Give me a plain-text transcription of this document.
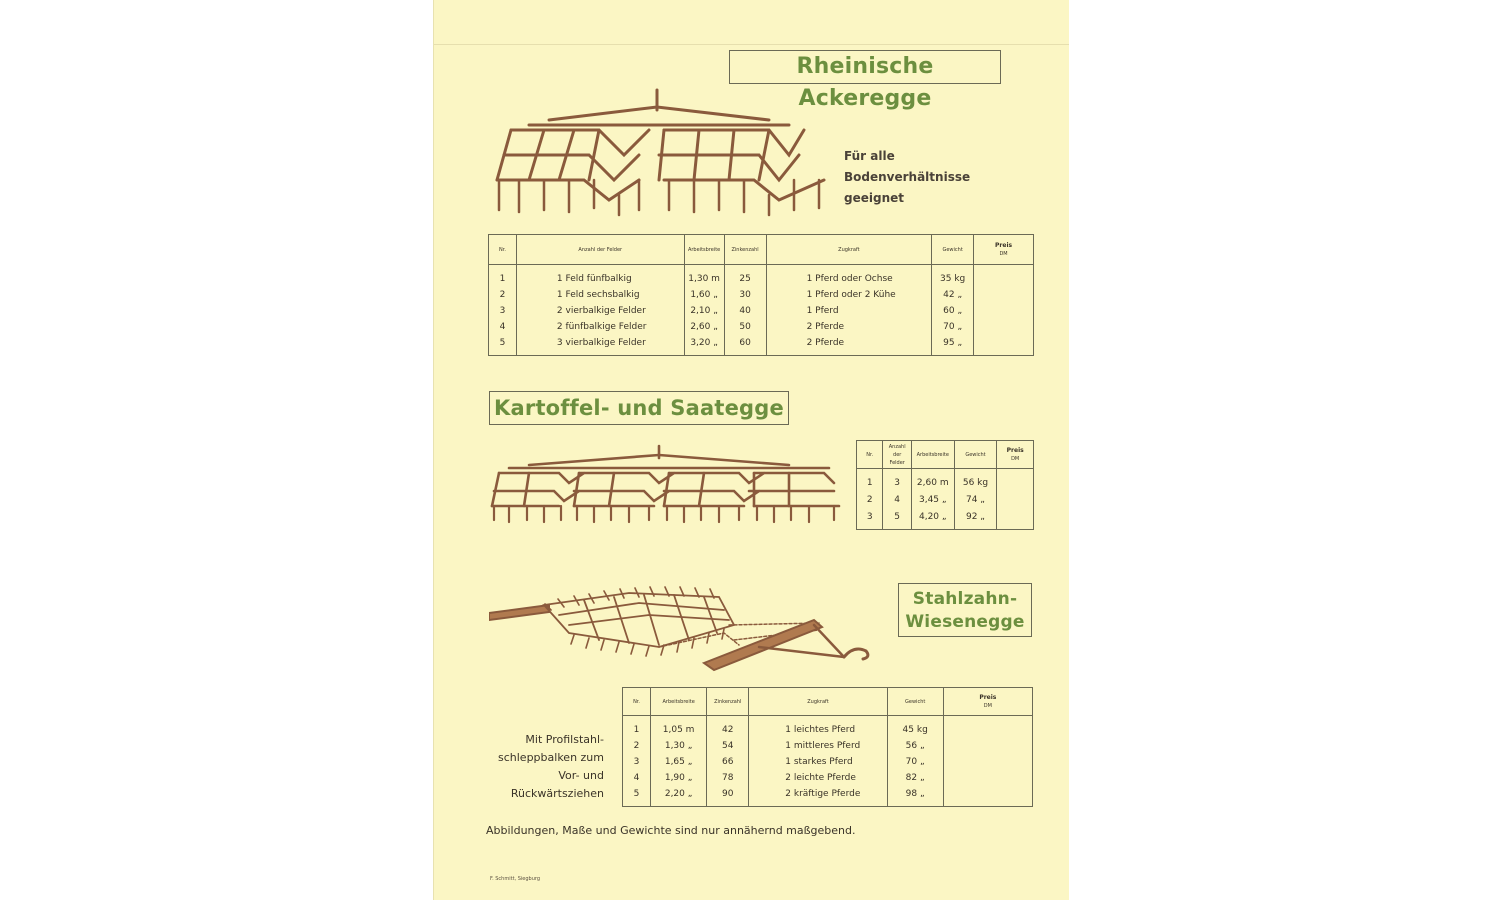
Rheinische Ackeregge
Für alle
Bodenverhältnisse
geeignet
Nr.	Anzahl der Felder	Arbeitsbreite	Zinkenzahl	Zugkraft	Gewicht	Preis
DM

1	1 Feld fünfbalkig	1,30 m	25	1 Pferd oder Ochse	35 kg	
2	1 Feld sechsbalkig	1,60 „	30	1 Pferd oder 2 Kühe	42 „	
3	2 vierbalkige Felder	2,10 „	40	1 Pferd	60 „	
4	2 fünfbalkige Felder	2,60 „	50	2 Pferde	70 „	
5	3 vierbalkige Felder	3,20 „	60	2 Pferde	95 „	
Kartoffel- und Saategge
Nr.	Anzahl der Felder	Arbeitsbreite	Gewicht	Preis
DM

1	3	2,60 m	56 kg	
2	4	3,45 „	74 „	
3	5	4,20 „	92 „	
Stahlzahn-
Wiesenegge
Mit Profilstahl-
schleppbalken zum
Vor- und
Rückwärtsziehen
Nr.	Arbeitsbreite	Zinkenzahl	Zugkraft	Gewicht	Preis
DM

1	1,05 m	42	1 leichtes Pferd	45 kg	
2	1,30 „	54	1 mittleres Pferd	56 „	
3	1,65 „	66	1 starkes Pferd	70 „	
4	1,90 „	78	2 leichte Pferde	82 „	
5	2,20 „	90	2 kräftige Pferde	98 „	
Abbildungen, Maße und Gewichte sind nur annähernd maßgebend.
F. Schmitt, Siegburg
